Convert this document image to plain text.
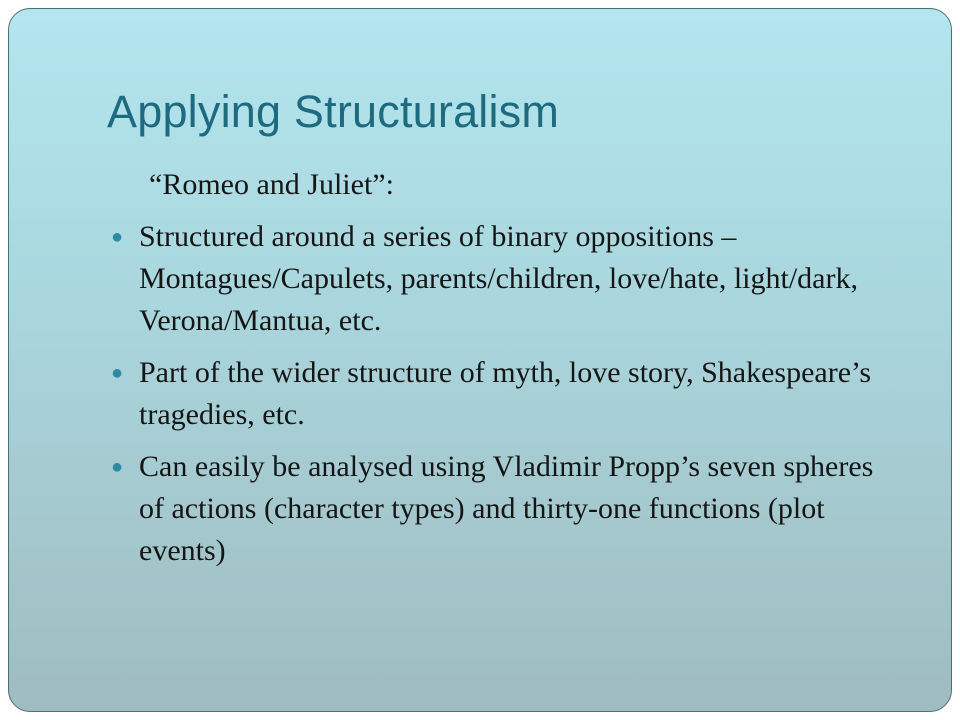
Applying Structuralism

“Romeo and Juliet”:

● Structured around a series of binary oppositions – Montagues/Capulets, parents/children, love/hate, light/dark, Verona/Mantua, etc.
● Part of the wider structure of myth, love story, Shakespeare’s tragedies, etc.
● Can easily be analysed using Vladimir Propp’s seven spheres of actions (character types) and thirty-one functions (plot events)
